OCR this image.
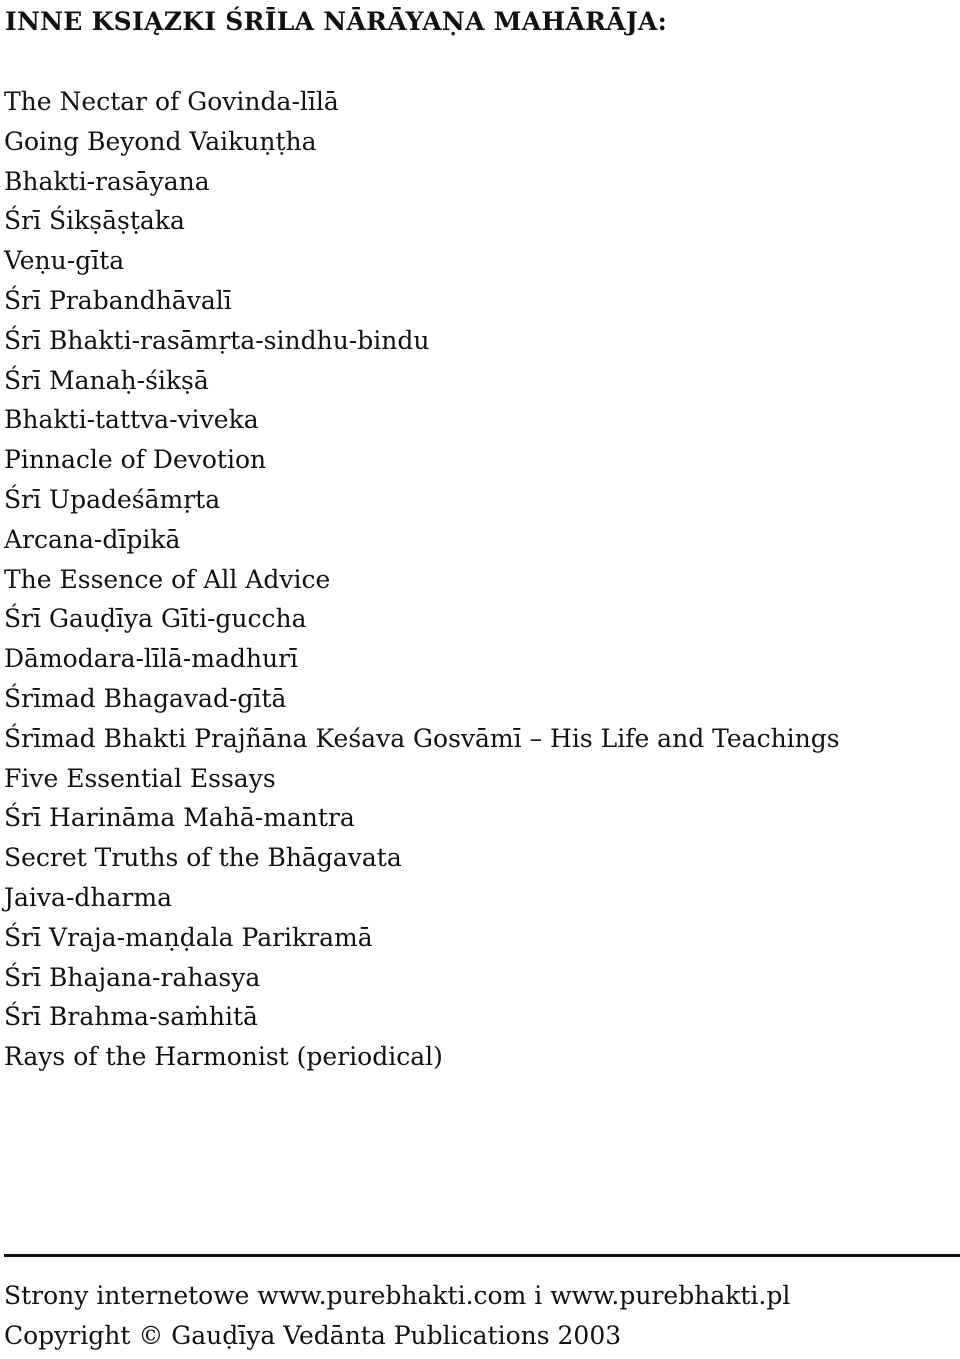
INNE KSIĄZKI ŚRĪLA NĀRĀYAṆA MAHĀRĀJA:
The Nectar of Govinda-līlā
Going Beyond Vaikuṇṭha
Bhakti-rasāyana
Śrī Śikṣāṣṭaka
Veṇu-gīta
Śrī Prabandhāvalī
Śrī Bhakti-rasāmṛta-sindhu-bindu
Śrī Manaḥ-śikṣā
Bhakti-tattva-viveka
Pinnacle of Devotion
Śrī Upadeśāmṛta
Arcana-dīpikā
The Essence of All Advice
Śrī Gauḍīya Gīti-guccha
Dāmodara-līlā-madhurī
Śrīmad Bhagavad-gītā
Śrīmad Bhakti Prajñāna Keśava Gosvāmī – His Life and Teachings
Five Essential Essays
Śrī Harināma Mahā-mantra
Secret Truths of the Bhāgavata
Jaiva-dharma
Śrī Vraja-maṇḍala Parikramā
Śrī Bhajana-rahasya
Śrī Brahma-saṁhitā
Rays of the Harmonist (periodical)
Strony internetowe www.purebhakti.com i www.purebhakti.pl
Copyright © Gauḍīya Vedānta Publications 2003
